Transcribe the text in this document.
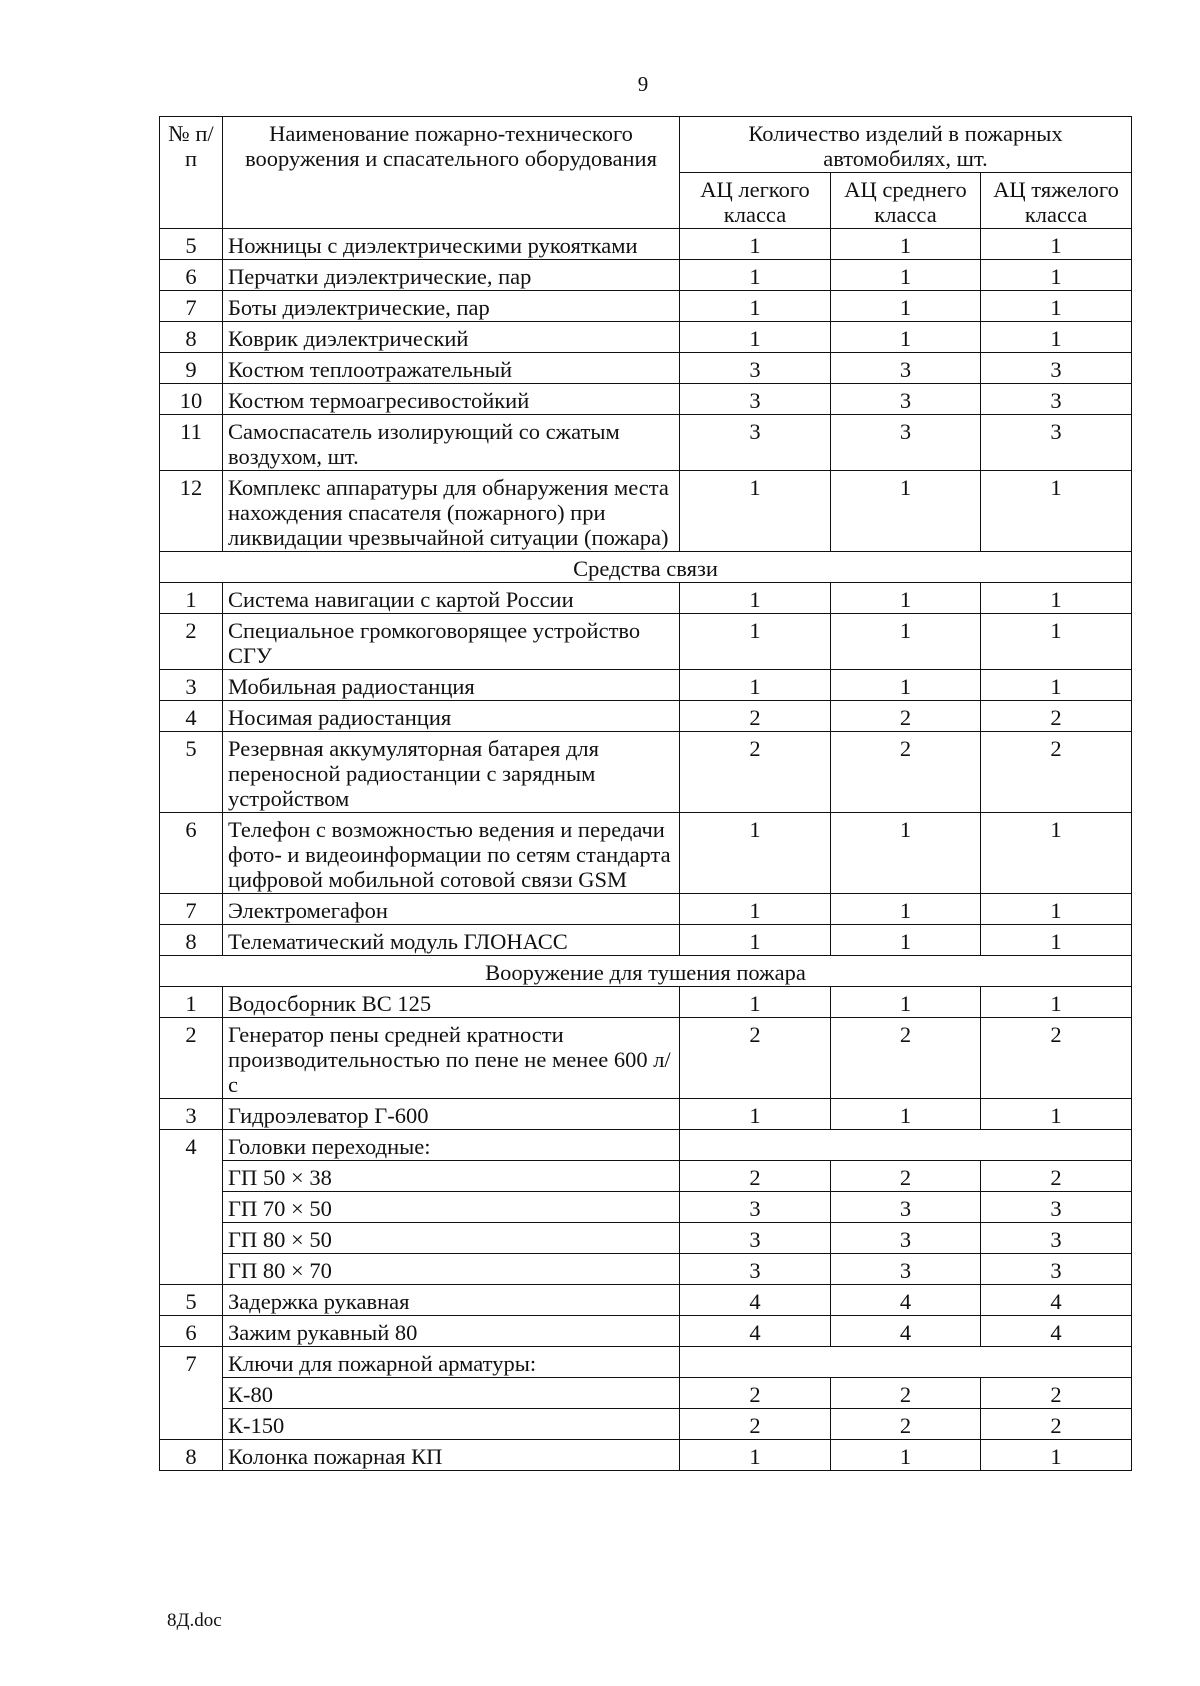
9
№ п/п	Наименование пожарно-технического вооружения и спасательного оборудования	Количество изделий в пожарных автомобилях, шт.		
		АЦ легкого класса	АЦ среднего класса	АЦ тяжелого класса
5	Ножницы с диэлектрическими рукоятками	1	1	1
6	Перчатки диэлектрические, пар	1	1	1
7	Боты диэлектрические, пар	1	1	1
8	Коврик диэлектрический	1	1	1
9	Костюм теплоотражательный	3	3	3
10	Костюм термоагресивостойкий	3	3	3
11	Самоспасатель изолирующий со сжатым воздухом, шт.	3	3	3
12	Комплекс аппаратуры для обнаружения места нахождения спасателя (пожарного) при ликвидации чрезвычайной ситуации (пожара)	1	1	1
Средства связи				
1	Система навигации с картой России	1	1	1
2	Специальное громкоговорящее устройство СГУ	1	1	1
3	Мобильная радиостанция	1	1	1
4	Носимая радиостанция	2	2	2
5	Резервная аккумуляторная батарея для переносной радиостанции с зарядным устройством	2	2	2
6	Телефон с возможностью ведения и передачи фото- и видеоинформации по сетям стандарта цифровой мобильной сотовой связи GSM	1	1	1
7	Электромегафон	1	1	1
8	Телематический модуль ГЛОНАСС	1	1	1
Вооружение для тушения пожара				
1	Водосборник ВС 125	1	1	1
2	Генератор пены средней кратности производительностью по пене не менее 600 л/с	2	2	2
3	Гидроэлеватор Г-600	1	1	1
4	Головки переходные:			
	ГП 50 × 38	2	2	2
	ГП 70 × 50	3	3	3
	ГП 80 × 50	3	3	3
	ГП 80 × 70	3	3	3
5	Задержка рукавная	4	4	4
6	Зажим рукавный 80	4	4	4
7	Ключи для пожарной арматуры:			
	К-80	2	2	2
	К-150	2	2	2
8	Колонка пожарная КП	1	1	1
8Д.doc
